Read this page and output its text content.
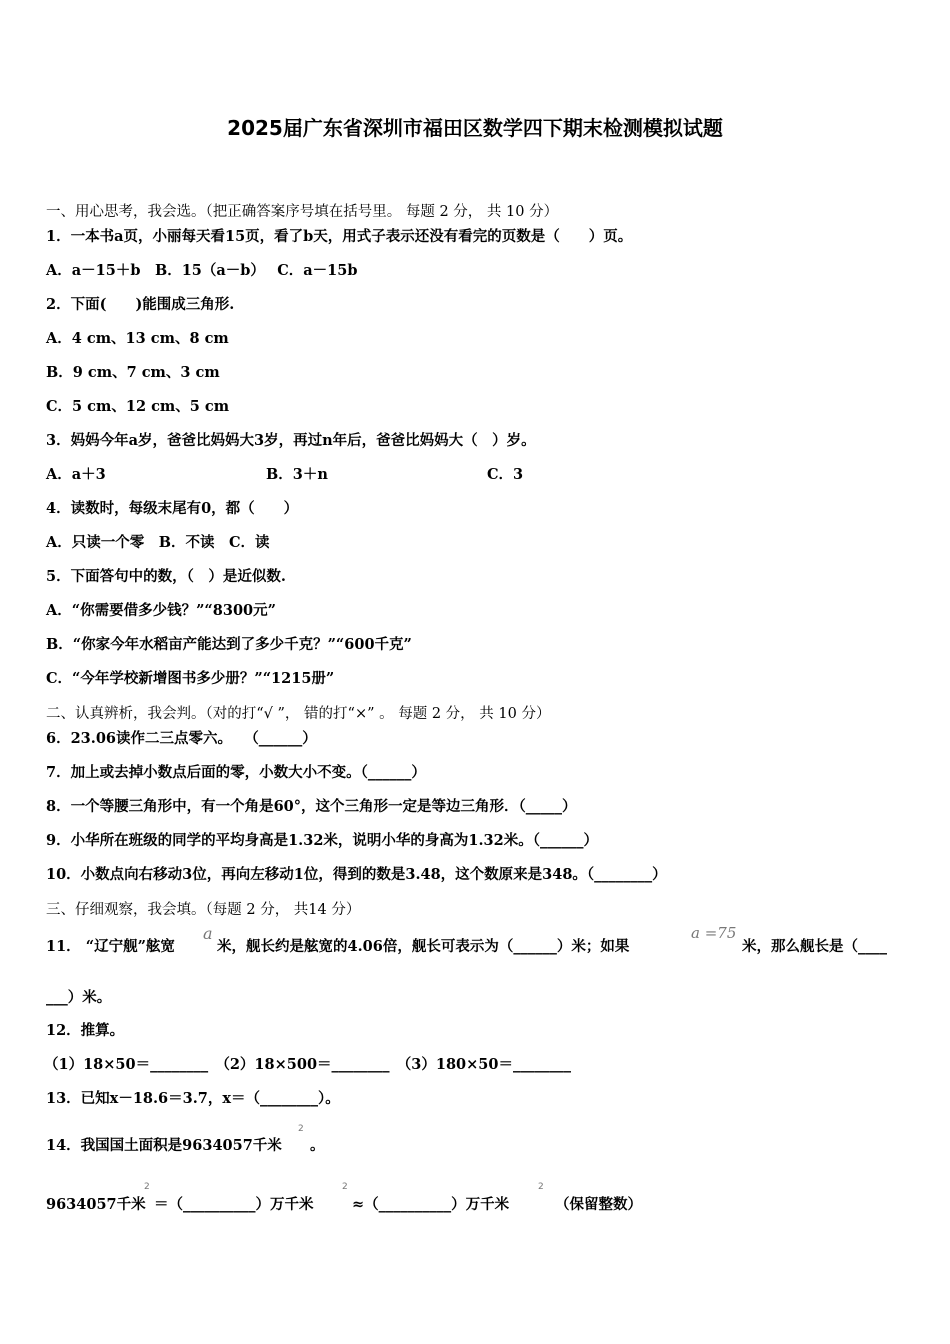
2025届广东省深圳市福田区数学四下期末检测模拟试题
一、用心思考，我会选。（把正确答案序号填在括号里。 每题 2 分， 共 10 分）
1．一本书a页，小丽每天看15页，看了b天，用式子表示还没有看完的页数是（　　）页。
A．a－15＋b　B．15（a－b）　 C．a－15b
2．下面(　　)能围成三角形.
A．4 cm、13 cm、8 cm
B．9 cm、7 cm、3 cm
C．5 cm、12 cm、5 cm
3．妈妈今年a岁，爸爸比妈妈大3岁，再过n年后，爸爸比妈妈大（　）岁。
A．a＋3	B．3＋n	C．3
4．读数时，每级末尾有0，都（　　）
A．只读一个零　B．不读　C．读
5．下面答句中的数，（　）是近似数.
A．“你需要借多少钱？”“8300元”
B．“你家今年水稻亩产能达到了多少千克？”“600千克”
C．“今年学校新增图书多少册？”“1215册”
二、认真辨析，我会判。（对的打“√ ”， 错的打“×” 。 每题 2 分， 共 10 分）
6．23.06读作二三点零六。　 （______）
7．加上或去掉小数点后面的零，小数大小不变。（______）
8．一个等腰三角形中，有一个角是60°，这个三角形一定是等边三角形．（_____）
9．小华所在班级的同学的平均身高是1.32米，说明小华的身高为1.32米。（______）
10．小数点向右移动3位，再向左移动1位，得到的数是3.48，这个数原来是348。（________）
三、仔细观察，我会填。（每题 2 分， 共14 分）
11． “辽宁舰”舷宽
a
米，舰长约是舷宽的4.06倍，舰长可表示为（______）米；如果
a =75
米，那么舰长是（____
___）米。
12．推算。
（1）18×50＝________　（2）18×500＝________　（3）180×50＝________
13．已知x－18.6＝3.7，x＝（________）。
14．我国国土面积是9634057千米
2
。
9634057千米
2
＝（__________）万千米
2
≈（__________）万千米
2
（保留整数）
